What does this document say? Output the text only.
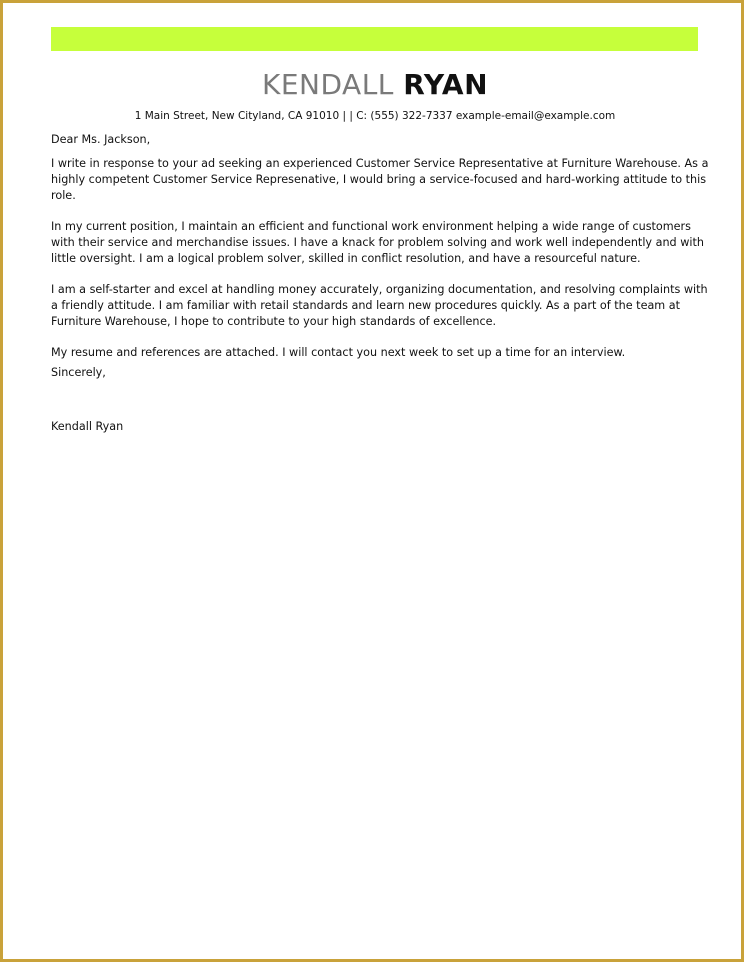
KENDALL RYAN
1 Main Street, New Cityland, CA 91010 | | C: (555) 322-7337 example-email@example.com

Dear Ms. Jackson,

I write in response to your ad seeking an experienced Customer Service Representative at Furniture Warehouse. As a highly competent Customer Service Represenative, I would bring a service-focused and hard-working attitude to this role.

In my current position, I maintain an efficient and functional work environment helping a wide range of customers with their service and merchandise issues. I have a knack for problem solving and work well independently and with little oversight. I am a logical problem solver, skilled in conflict resolution, and have a resourceful nature.

I am a self-starter and excel at handling money accurately, organizing documentation, and resolving complaints with a friendly attitude. I am familiar with retail standards and learn new procedures quickly. As a part of the team at Furniture Warehouse, I hope to contribute to your high standards of excellence.

My resume and references are attached. I will contact you next week to set up a time for an interview.

Sincerely,

Kendall Ryan
